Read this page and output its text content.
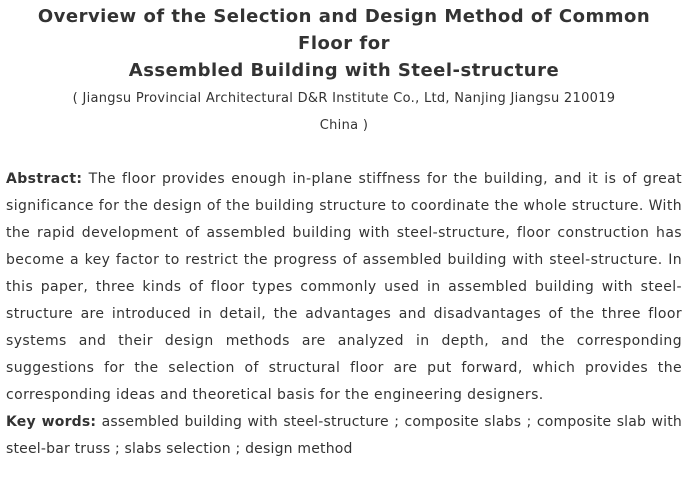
Overview of the Selection and Design Method of Common
Floor for
Assembled Building with Steel-structure
( Jiangsu Provincial Architectural D&R Institute Co., Ltd, Nanjing Jiangsu 210019
China )

Abstract: The floor provides enough in-plane stiffness for the building, and it is of great significance for the design of the building structure to coordinate the whole structure. With the rapid development of assembled building with steel-structure, floor construction has become a key factor to restrict the progress of assembled building with steel-structure. In this paper, three kinds of floor types commonly used in assembled building with steel-structure are introduced in detail, the advantages and disadvantages of the three floor systems and their design methods are analyzed in depth, and the corresponding suggestions for the selection of structural floor are put forward, which provides the corresponding ideas and theoretical basis for the engineering designers.

Key words: assembled building with steel-structure ; composite slabs ; composite slab with steel-bar truss ; slabs selection ; design method
